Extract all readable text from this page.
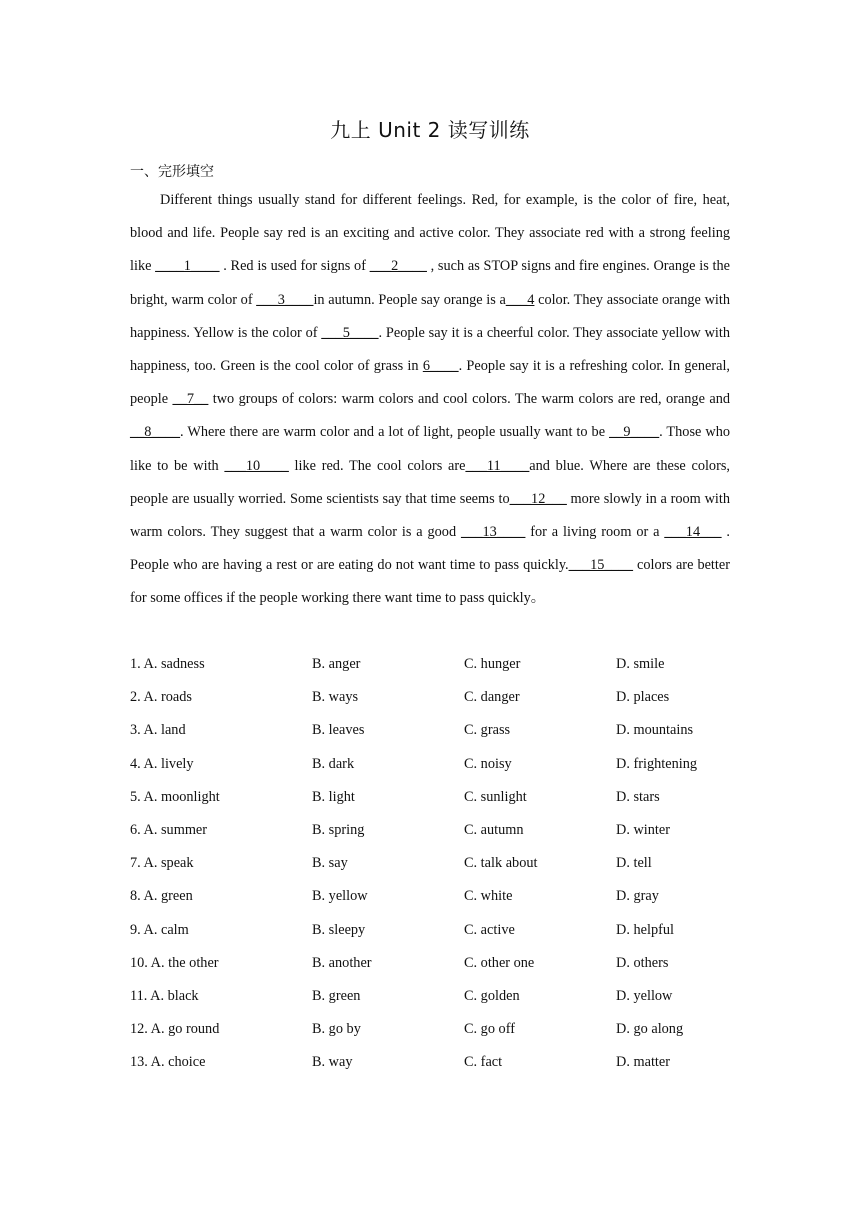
九上 Unit 2 读写训练
一、完形填空

Different things usually stand for different feelings. Red, for example, is the color of fire, heat, blood and life. People say red is an exciting and active color. They associate red with a strong feeling like ____1____ . Red is used for signs of ___2____ , such as STOP signs and fire engines. Orange is the bright, warm color of ___3____in autumn. People say orange is a___4 color. They associate orange with happiness. Yellow is the color of ___5____. People say it is a cheerful color. They associate yellow with happiness, too. Green is the cool color of grass in 6____. People say it is a refreshing color. In general, people __7__ two groups of colors: warm colors and cool colors. The warm colors are red, orange and __8____. Where there are warm color and a lot of light, people usually want to be __9____. Those who like to be with ___10____ like red. The cool colors are___11____and blue. Where are these colors, people are usually worried. Some scientists say that time seems to___12___ more slowly in a room with warm colors. They suggest that a warm color is a good ___13____ for a living room or a ___14___ . People who are having a rest or are eating do not want time to pass quickly.___15____ colors are better for some offices if the people working there want time to pass quickly。

1. A. sadness	B. anger	C. hunger	D. smile
2. A. roads	B. ways	C. danger	D. places
3. A. land	B. leaves	C. grass	D. mountains
4. A. lively	B. dark	C. noisy	D. frightening
5. A. moonlight	B. light	C. sunlight	D. stars
6. A. summer	B. spring	C. autumn	D. winter
7. A. speak	B. say	C. talk about	D. tell
8. A. green	B. yellow	C. white	D. gray
9. A. calm	B. sleepy	C. active	D. helpful
10. A. the other	B. another	C. other one	D. others
11. A. black	B. green	C. golden	D. yellow
12. A. go round	B. go by	C. go off	D. go along
13. A. choice	B. way	C. fact	D. matter
